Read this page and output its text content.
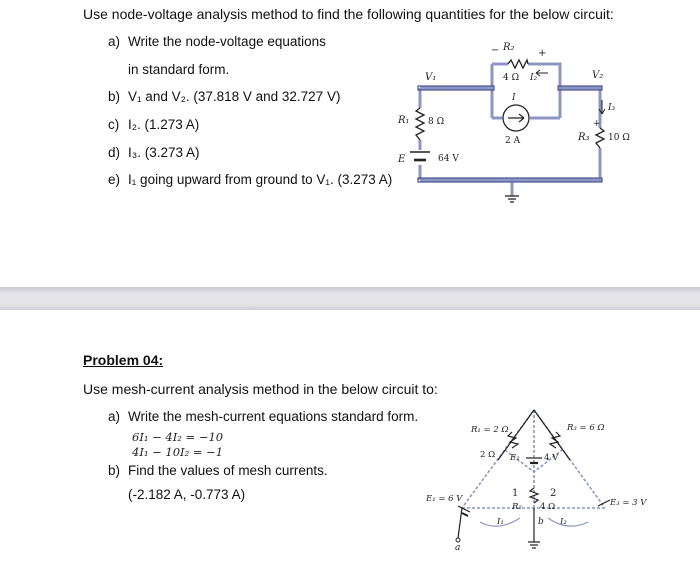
Use node-voltage analysis method to find the following quantities for the below circuit:
a) Write the node-voltage equations
in standard form.
b) V₁ and V₂. (37.818 V and 32.727 V)
c) I₂. (1.273 A)
d) I₃. (3.273 A)
e) I₁ going upward from ground to V₁. (3.273 A)
R₂
−	+
4 Ω I₂
V₁	V₂
I
2 A
R₁ 8 Ω
E	64 V
R₃
+
10 Ω
I₃
Problem 04:
Use mesh-current analysis method in the below circuit to:
a) Write the mesh-current equations standard form.
6I₁ − 4I₂ = −10
4I₁ − 10I₂ = −1
b) Find the values of mesh currents.
(-2.182 A, -0.773 A)
R₁ = 2 Ω	R₃ = 6 Ω
2 Ω E₂	4 V
E₁ = 6 V	E₃ = 3 V
1	2
R₂ 4 Ω
I₁	I₂
a
b
